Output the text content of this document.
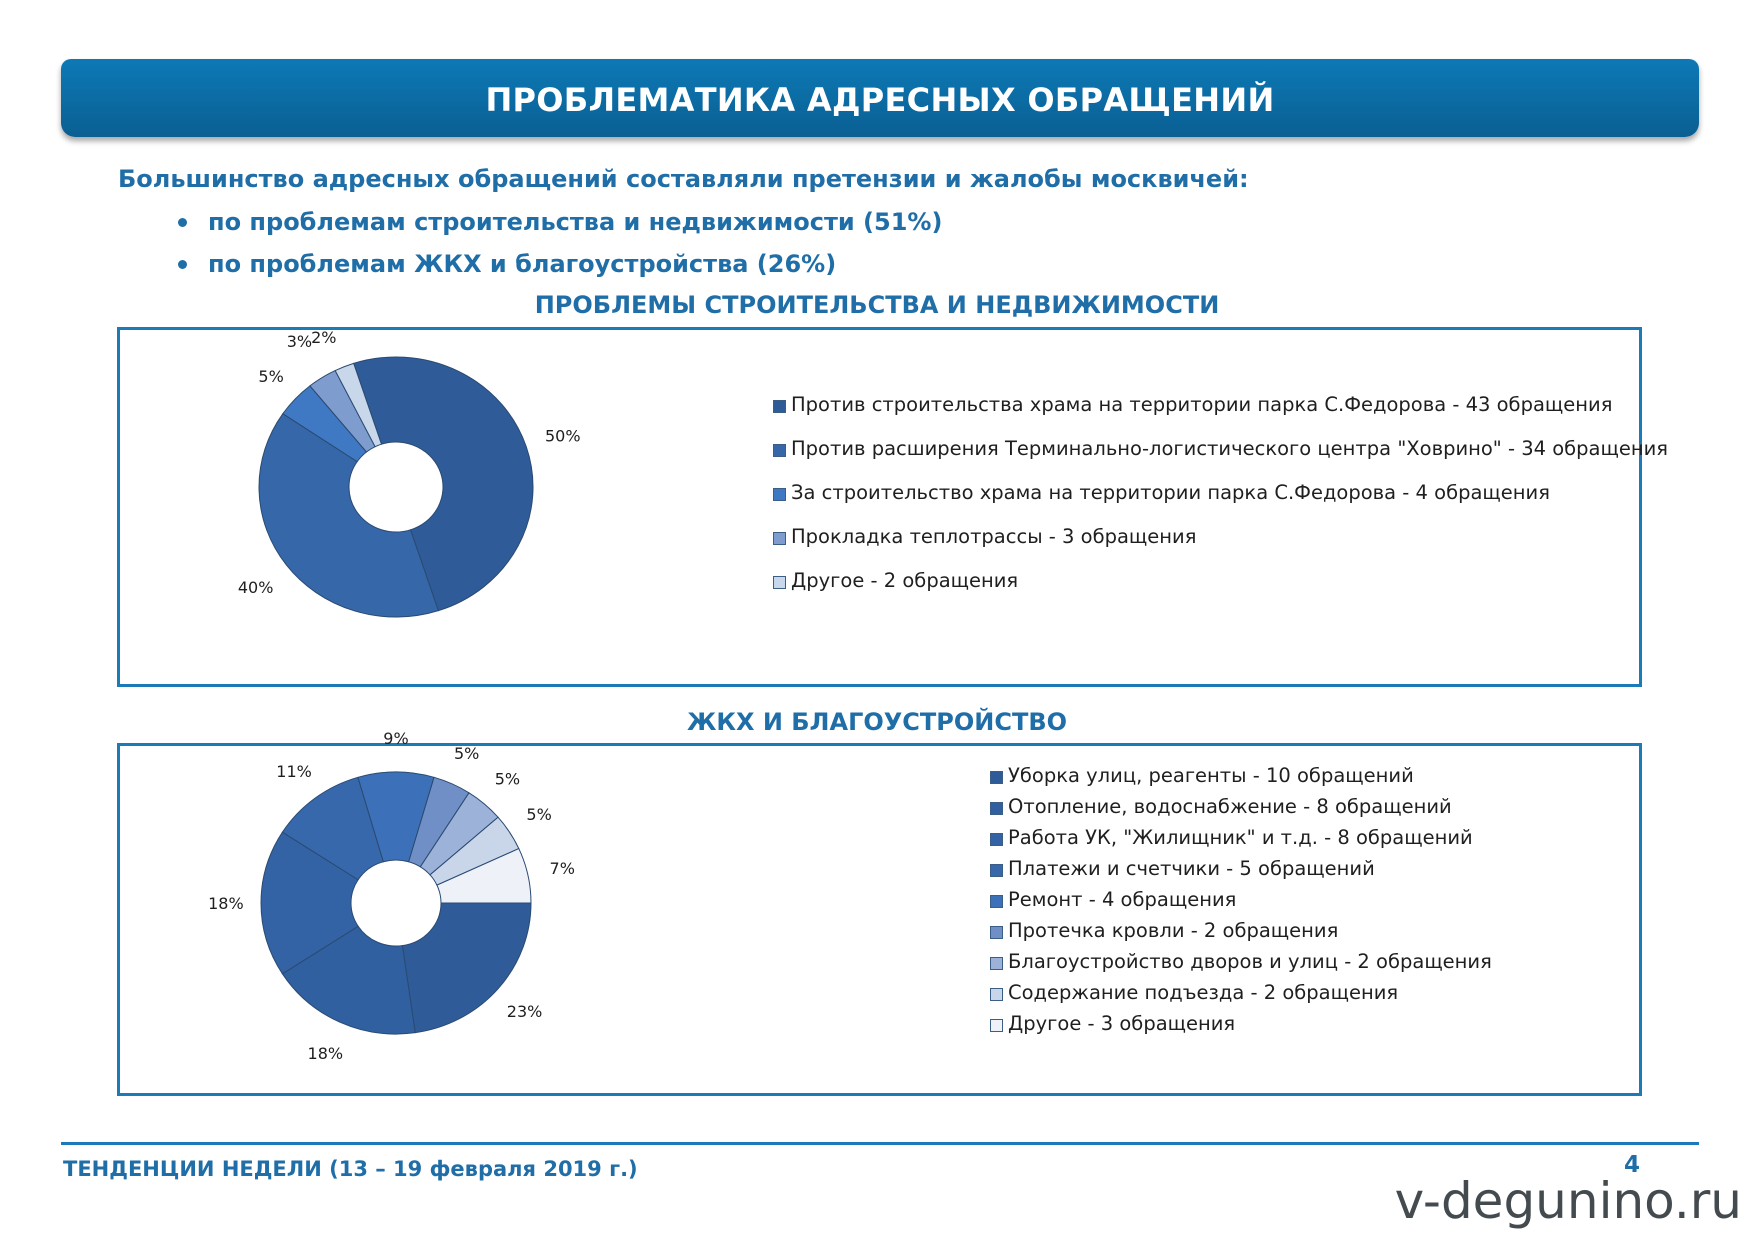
ПРОБЛЕМАТИКА АДРЕСНЫХ ОБРАЩЕНИЙ
Большинство адресных обращений составляли претензии и жалобы москвичей:
по проблемам строительства и недвижимости (51%)
по проблемам ЖКХ и благоустройства (26%)
ПРОБЛЕМЫ СТРОИТЕЛЬСТВА И НЕДВИЖИМОСТИ
50%
40%
5%
3% 2%
Против строительства храма на территории парка С.Федорова - 43 обращения
Против расширения Терминально-логистического центра "Ховрино" - 34 обращения
За строительство храма на территории парка С.Федорова - 4 обращения
Прокладка теплотрассы - 3 обращения
Другое - 2 обращения
ЖКХ И БЛАГОУСТРОЙСТВО
23%
18%
18%
11%
9%
5%
5%
5%
7%
Уборка улиц, реагенты - 10 обращений
Отопление, водоснабжение - 8 обращений
Работа УК, "Жилищник" и т.д. - 8 обращений
Платежи и счетчики - 5 обращений
Ремонт - 4 обращения
Протечка кровли - 2 обращения
Благоустройство дворов и улиц - 2 обращения
Содержание подъезда - 2 обращения
Другое - 3 обращения
ТЕНДЕНЦИИ НЕДЕЛИ (13 – 19 февраля 2019 г.)	4
v-degunino.ru
